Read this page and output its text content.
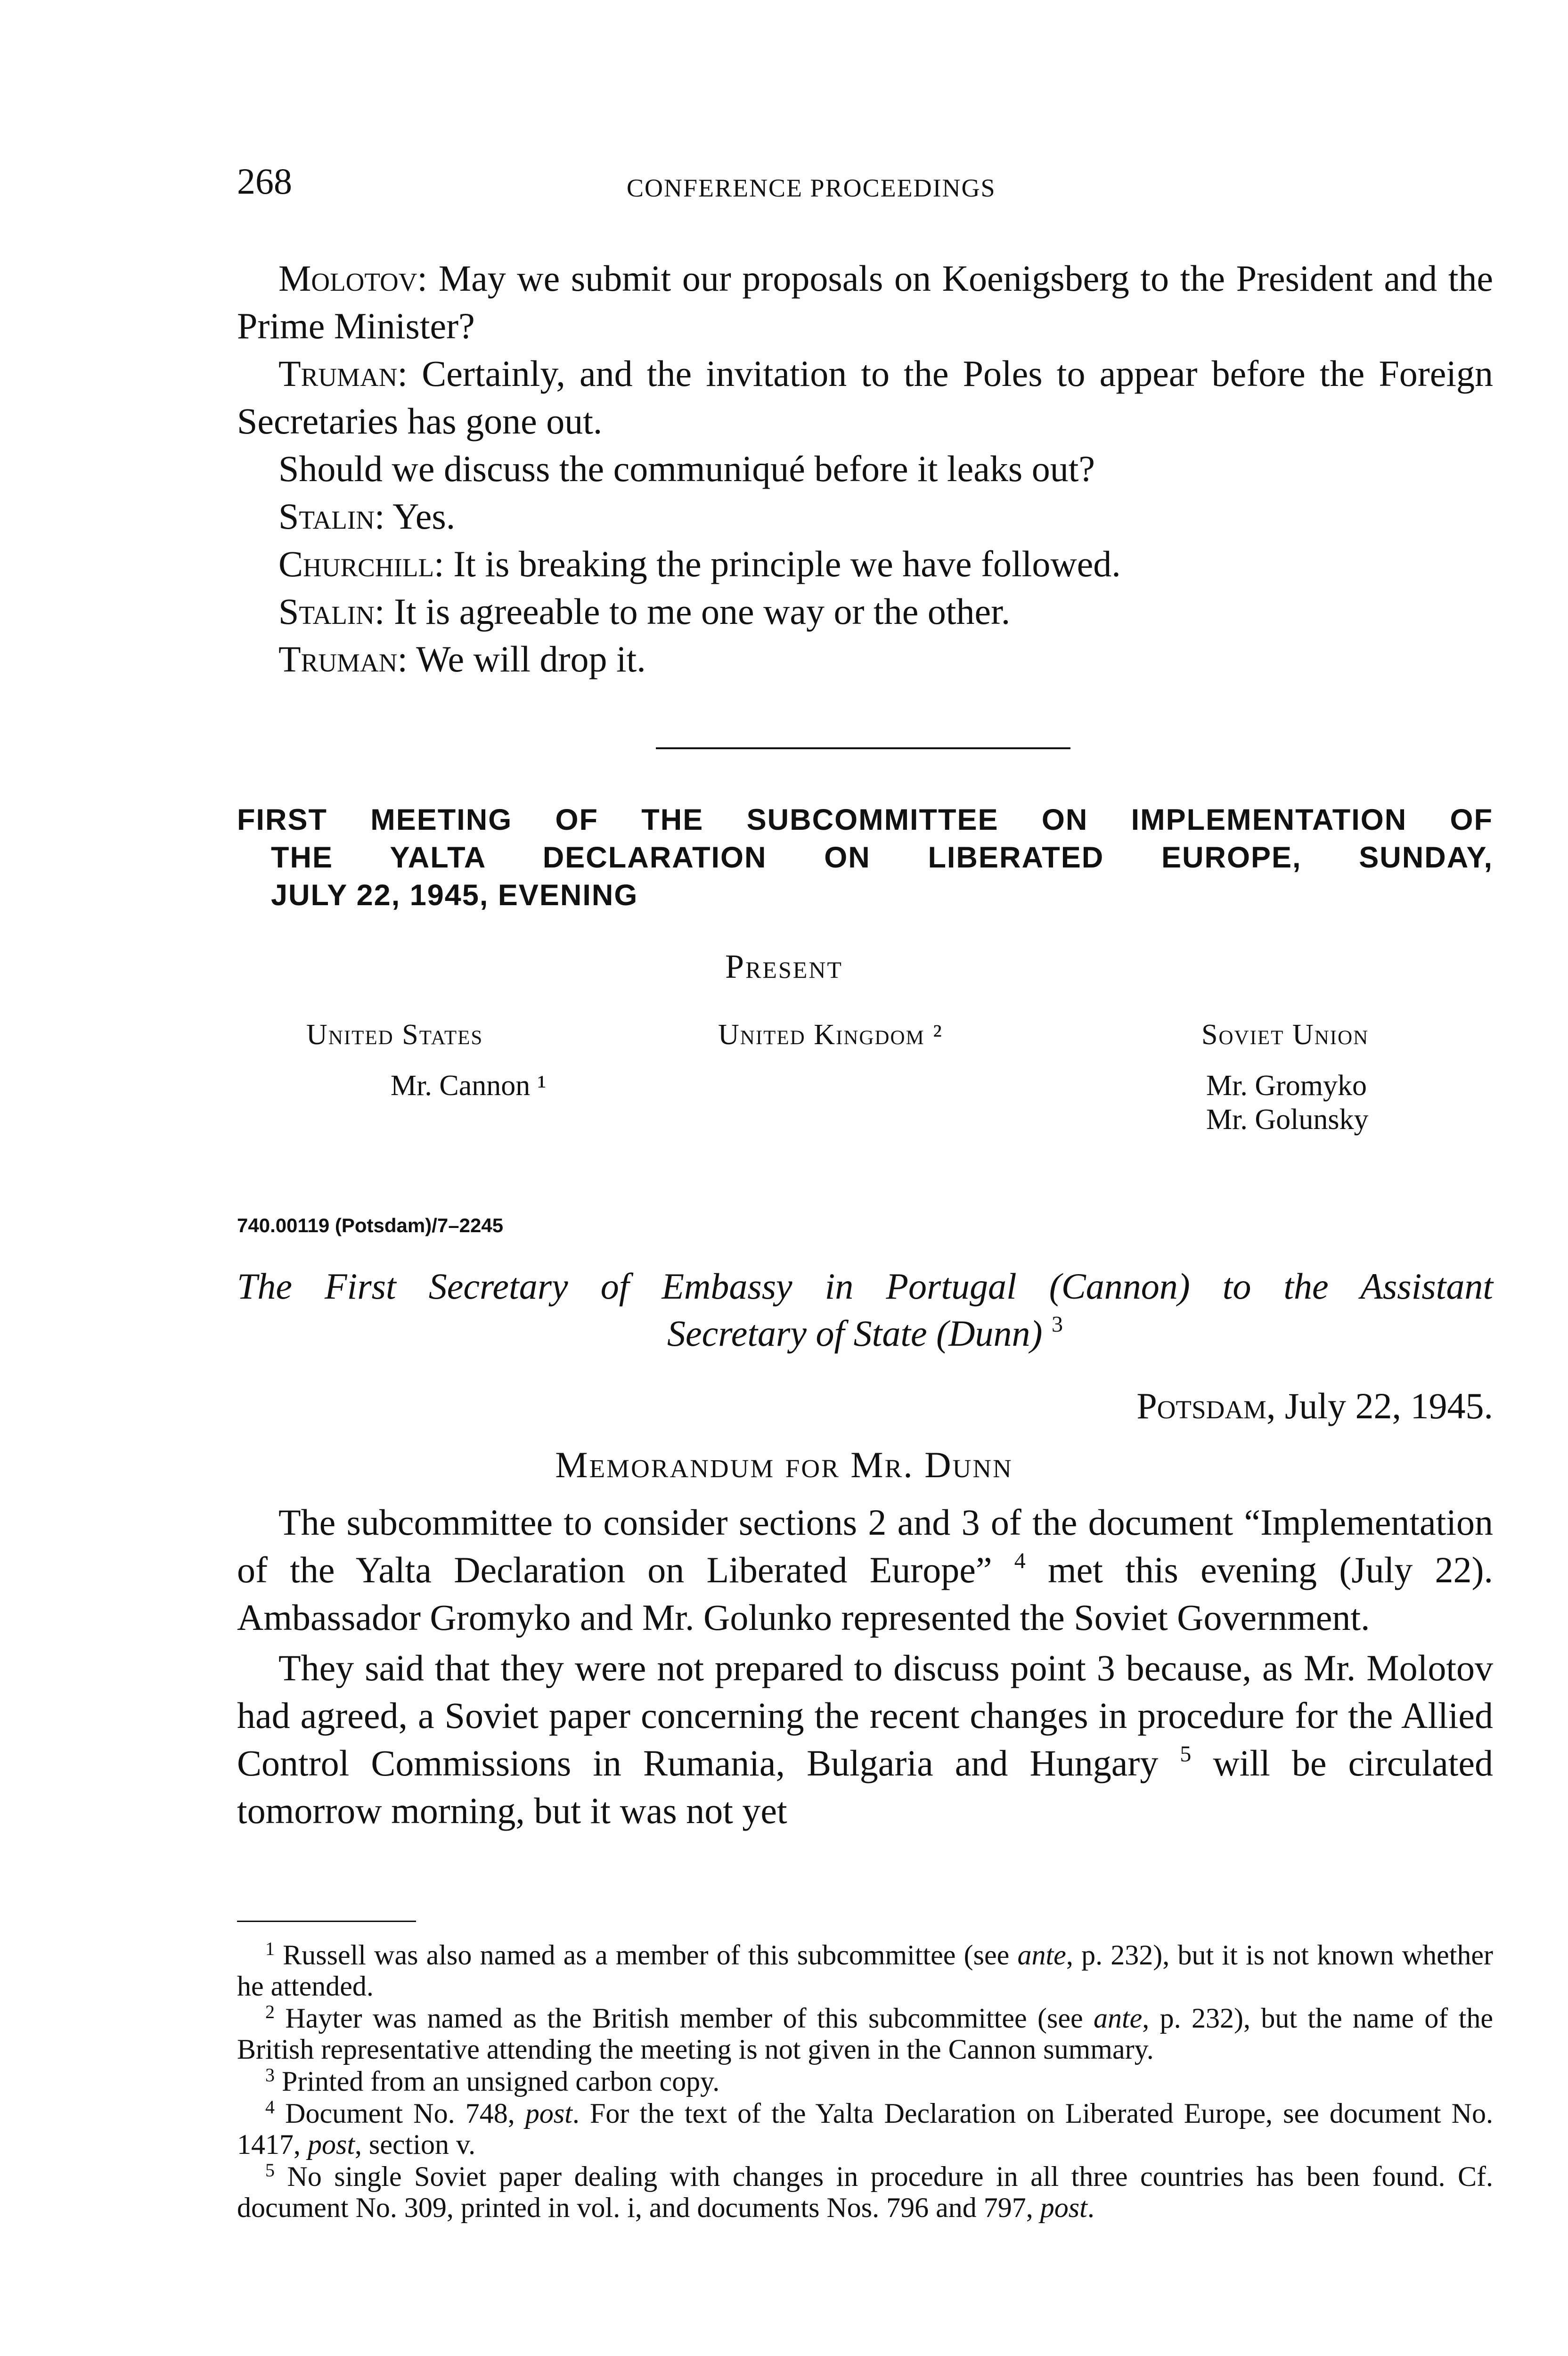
268	CONFERENCE PROCEEDINGS

Molotov: May we submit our proposals on Koenigsberg to the President and the Prime Minister?

Truman: Certainly, and the invitation to the Poles to appear before the Foreign Secretaries has gone out.

Should we discuss the communiqué before it leaks out?

Stalin: Yes.

Churchill: It is breaking the principle we have followed.

Stalin: It is agreeable to me one way or the other.

Truman: We will drop it.

FIRST MEETING OF THE SUBCOMMITTEE ON IMPLEMENTATION OF
THE YALTA DECLARATION ON LIBERATED EUROPE, SUNDAY,
JULY 22, 1945, EVENING
Present
United States
Mr. Cannon ¹
United Kingdom ²	Soviet Union
Mr. Gromyko
Mr. Golunsky
740.00119 (Potsdam)/7–2245
The First Secretary of Embassy in Portugal (Cannon) to the Assistant
Secretary of State (Dunn) $^3$
Potsdam, July 22, 1945.
Memorandum for Mr. Dunn

The subcommittee to consider sections 2 and 3 of the document “Implementation of the Yalta Declaration on Liberated Europe” $^4$ met this evening (July 22). Ambassador Gromyko and Mr. Golunko represented the Soviet Government.

They said that they were not prepared to discuss point 3 because, as Mr. Molotov had agreed, a Soviet paper concerning the recent changes in procedure for the Allied Control Commissions in Rumania, Bulgaria and Hungary $^5$ will be circulated tomorrow morning, but it was not yet

$^1$ Russell was also named as a member of this subcommittee (see ante, p. 232), but it is not known whether he attended.

$^2$ Hayter was named as the British member of this subcommittee (see ante, p. 232), but the name of the British representative attending the meeting is not given in the Cannon summary.

$^3$ Printed from an unsigned carbon copy.

$^4$ Document No. 748, post. For the text of the Yalta Declaration on Liberated Europe, see document No. 1417, post, section v.

$^5$ No single Soviet paper dealing with changes in procedure in all three countries has been found. Cf. document No. 309, printed in vol. i, and documents Nos. 796 and 797, post.
